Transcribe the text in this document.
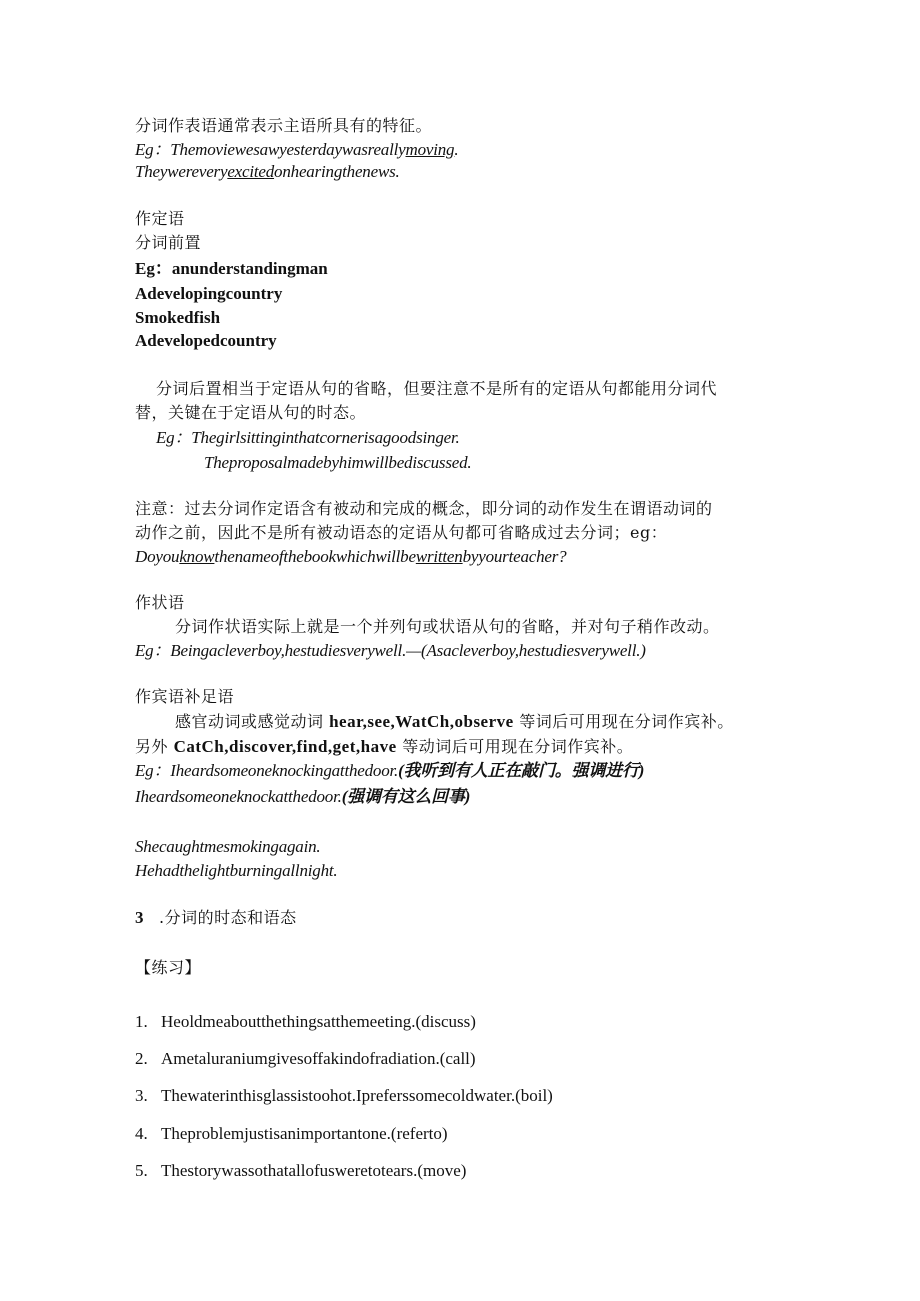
分词作表语通常表示主语所具有的特征。
Eg：Themoviewesawyesterdaywasreallymoving.
Theywereveryexcitedonhearingthenews.
作定语
分词前置
Eg：anunderstandingman
Adevelopingcountry
Smokedfish
Adevelopedcountry
分词后置相当于定语从句的省略，但要注意不是所有的定语从句都能用分词代
替，关键在于定语从句的时态。
Eg：Thegirlsittinginthatcornerisagoodsinger.
Theproposalmadebyhimwillbediscussed.
注意：过去分词作定语含有被动和完成的概念，即分词的动作发生在谓语动词的
动作之前，因此不是所有被动语态的定语从句都可省略成过去分词；eg：
Doyouknowthenameofthebookwhichwillbewrittenbyyourteacher?
作状语
分词作状语实际上就是一个并列句或状语从句的省略，并对句子稍作改动。
Eg：Beingacleverboy,hestudiesverywell.—(Asacleverboy,hestudiesverywell.)
作宾语补足语
感官动词或感觉动词 hear,see,WatCh,observe 等词后可用现在分词作宾补。
另外 CatCh,discover,find,get,have 等动词后可用现在分词作宾补。
Eg：Iheardsomeoneknockingatthedoor.(我听到有人正在敲门。强调进行)
Iheardsomeoneknockatthedoor.(强调有这么回事)
Shecaughtmesmokingagain.
Hehadthelightburningallnight.
3 .分词的时态和语态
【练习】
1. Heoldmeaboutthethingsatthemeeting.(discuss)
2. Ametaluraniumgivesoffakindofradiation.(call)
3. Thewaterinthisglassistoohot.Ipreferssomecoldwater.(boil)
4. Theproblemjustisanimportantone.(referto)
5. Thestorywassothatallofusweretotears.(move)
